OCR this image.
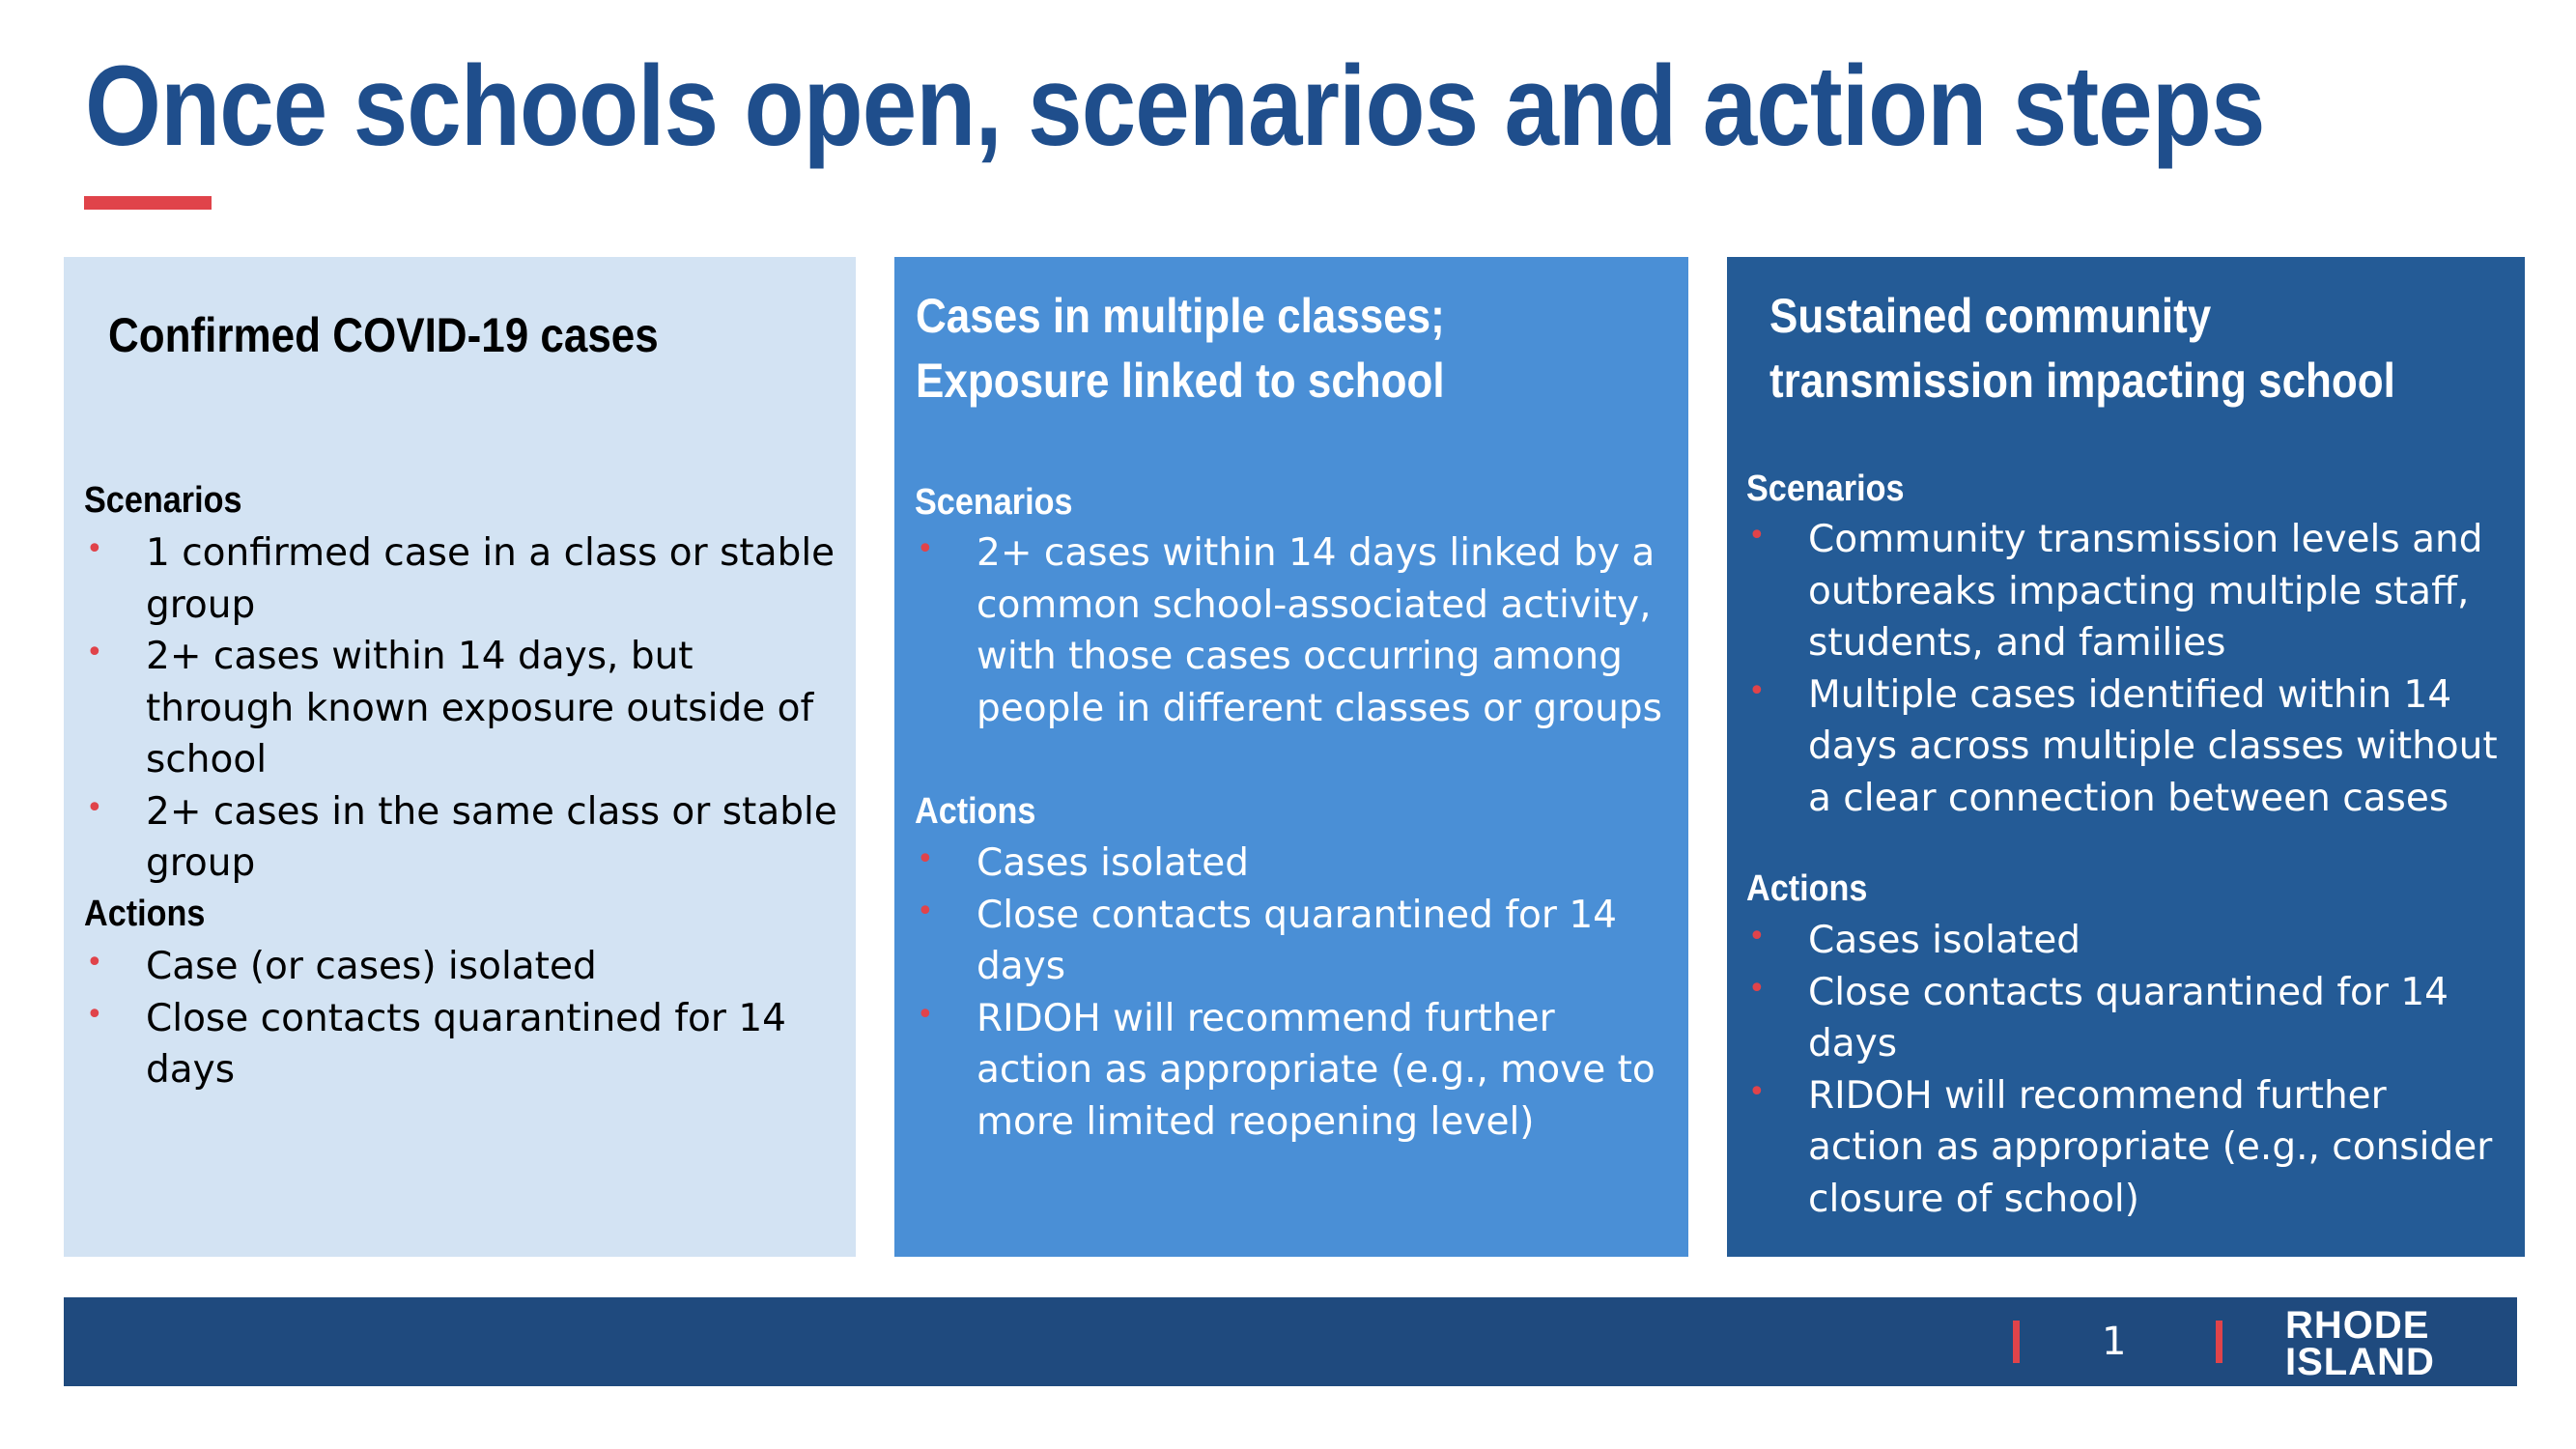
Once schools open, scenarios and action steps
Confirmed COVID-19 cases
Scenarios
• 1 confirmed case in a class or stable group
• 2+ cases within 14 days, but through known exposure outside of school
• 2+ cases in the same class or stable group
Actions
• Case (or cases) isolated
• Close contacts quarantined for 14 days
Cases in multiple classes; Exposure linked to school
Scenarios
• 2+ cases within 14 days linked by a common school-associated activity, with those cases occurring among people in different classes or groups
Actions
• Cases isolated
• Close contacts quarantined for 14 days
• RIDOH will recommend further action as appropriate (e.g., move to more limited reopening level)
Sustained community transmission impacting school
Scenarios
• Community transmission levels and outbreaks impacting multiple staff, students, and families
• Multiple cases identified within 14 days across multiple classes without a clear connection between cases
Actions
• Cases isolated
• Close contacts quarantined for 14 days
• RIDOH will recommend further action as appropriate (e.g., consider closure of school)
1	RHODE
ISLAND
